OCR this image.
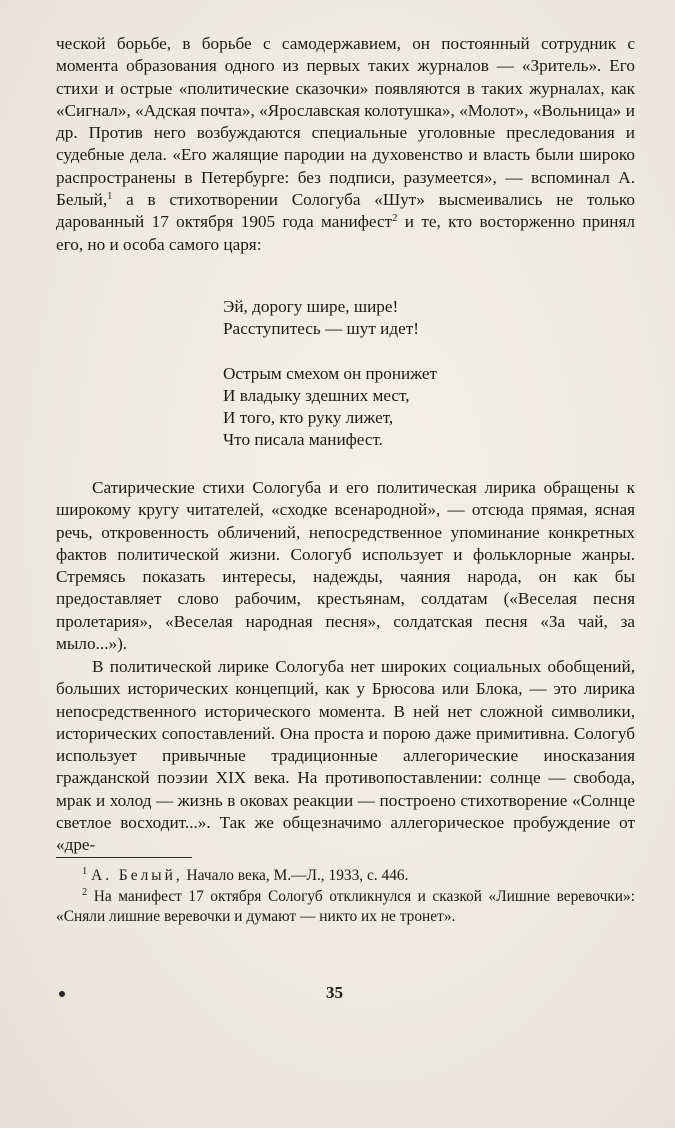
ческой борьбе, в борьбе с самодержавием, он постоянный сотрудник с момента образования одного из первых таких журналов — «Зритель». Его стихи и острые «политические сказочки» появляются в таких журналах, как «Сигнал», «Адская почта», «Ярославская колотушка», «Молот», «Вольница» и др. Против него возбуждаются специальные уголовные преследования и судебные дела. «Его жалящие пародии на духовенство и власть были широко распространены в Петербурге: без подписи, разумеется», — вспоминал А. Белый,$^1$ а в стихотворении Сологуба «Шут» высмеивались не только дарованный 17 октября 1905 года манифест$^2$ и те, кто восторженно принял его, но и особа самого царя:

Эй, дорогу шире, шире!
Расступитесь — шут идет!
Острым смехом он пронижет
И владыку здешних мест,
И того, кто руку лижет,
Что писала манифест.

Сатирические стихи Сологуба и его политическая лирика обращены к широкому кругу читателей, «сходке всенародной», — отсюда прямая, ясная речь, откровенность обличений, непосредственное упоминание конкретных фактов политической жизни. Сологуб использует и фольклорные жанры. Стремясь показать интересы, надежды, чаяния народа, он как бы предоставляет слово рабочим, крестьянам, солдатам («Веселая песня пролетария», «Веселая народная песня», солдатская песня «За чай, за мыло...»).

В политической лирике Сологуба нет широких социальных обобщений, больших исторических концепций, как у Брюсова или Блока, — это лирика непосредственного исторического момента. В ней нет сложной символики, исторических сопоставлений. Она проста и порою даже примитивна. Сологуб использует привычные традиционные аллегорические иносказания гражданской поэзии XIX века. На противопоставлении: солнце — свобода, мрак и холод — жизнь в оковах реакции — построено стихотворение «Солнце светлое восходит...». Так же общезначимо аллегорическое пробуждение от «дре-

$^1$ А. Белый, Начало века, М.—Л., 1933, с. 446.

$^2$ На манифест 17 октября Сологуб откликнулся и сказкой «Лишние веревочки»: «Сняли лишние веревочки и думают — никто их не тронет».

35
